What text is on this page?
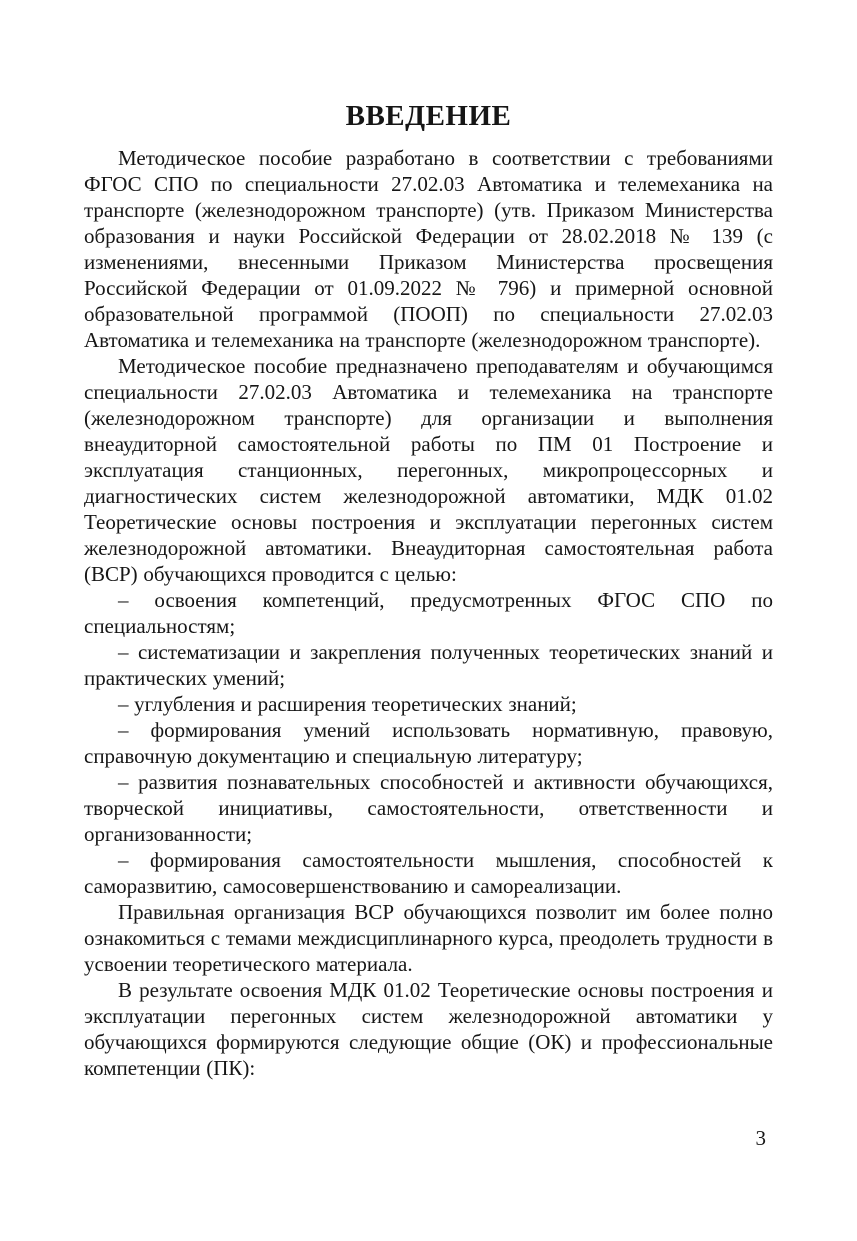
ВВЕДЕНИЕ

Методическое пособие разработано в соответствии с требованиями ФГОС СПО по специальности 27.02.03 Автоматика и телемеханика на транспорте (железнодорожном транспорте) (утв. Приказом Министерства образования и науки Российской Федерации от 28.02.2018 № 139 (с изменениями, внесенными Приказом Министерства просвещения Российской Федерации от 01.09.2022 № 796) и примерной основной образовательной программой (ПООП) по специальности 27.02.03 Автоматика и телемеханика на транспорте (железнодорожном транспорте).

Методическое пособие предназначено преподавателям и обучающимся специальности 27.02.03 Автоматика и телемеханика на транспорте (железнодорожном транспорте) для организации и выполнения внеаудиторной самостоятельной работы по ПМ 01 Построение и эксплуатация станционных, перегонных, микропроцессорных и диагностических систем железнодорожной автоматики, МДК 01.02 Теоретические основы построения и эксплуатации перегонных систем железнодорожной автоматики. Внеаудиторная самостоятельная работа (ВСР) обучающихся проводится с целью:

– освоения компетенций, предусмотренных ФГОС СПО по специальностям;

– систематизации и закрепления полученных теоретических знаний и практических умений;

– углубления и расширения теоретических знаний;

– формирования умений использовать нормативную, правовую, справочную документацию и специальную литературу;

– развития познавательных способностей и активности обучающихся, творческой инициативы, самостоятельности, ответственности и организованности;

– формирования самостоятельности мышления, способностей к саморазвитию, самосовершенствованию и самореализации.

Правильная организация ВСР обучающихся позволит им более полно ознакомиться с темами междисциплинарного курса, преодолеть трудности в усвоении теоретического материала.

В результате освоения МДК 01.02 Теоретические основы построения и эксплуатации перегонных систем железнодорожной автоматики у обучающихся формируются следующие общие (ОК) и профессиональные компетенции (ПК):

3
